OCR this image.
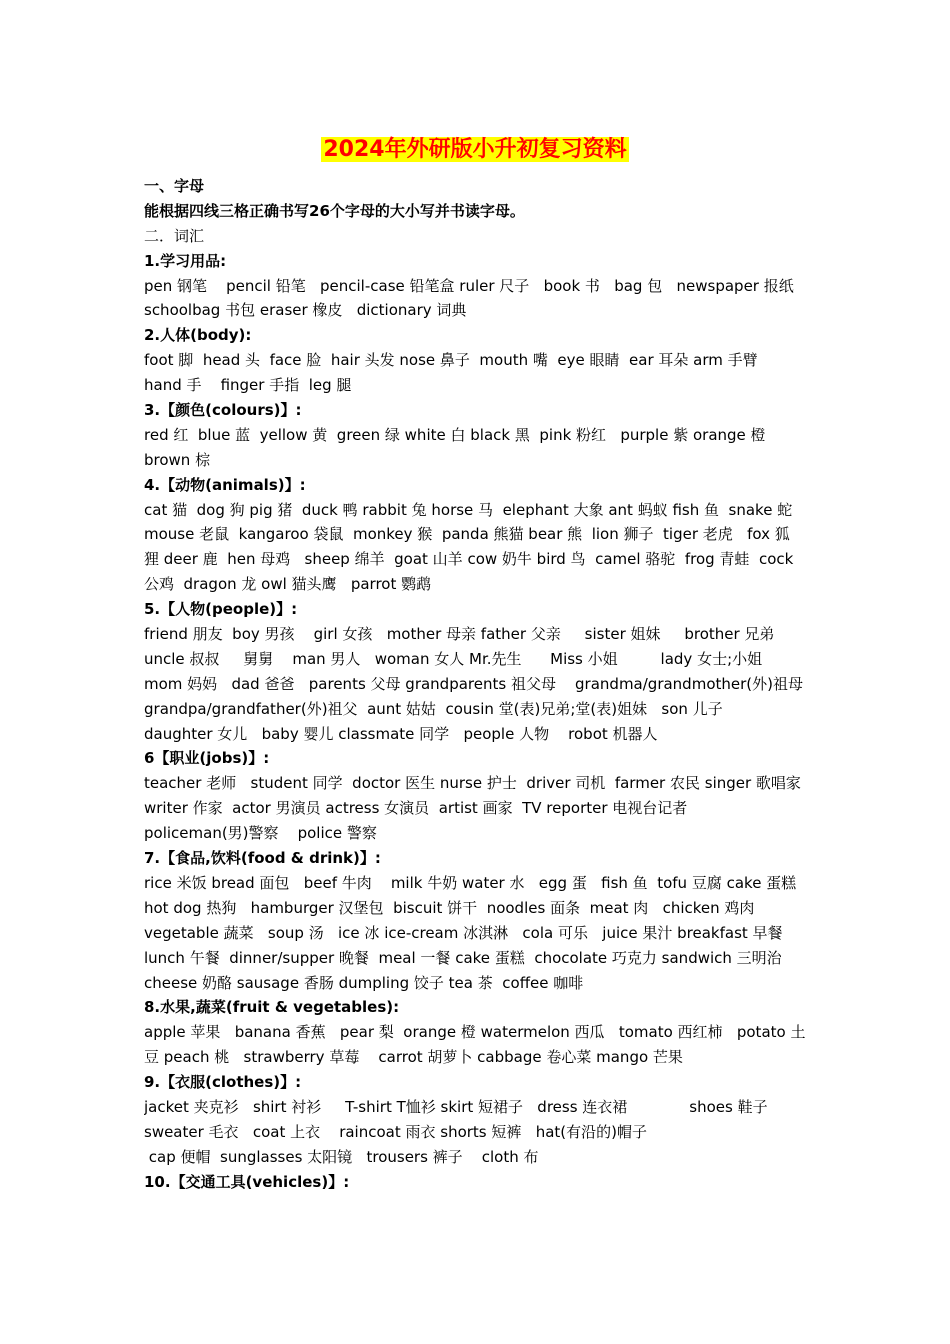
2024年外研版小升初复习资料
一、字母
能根据四线三格正确书写26个字母的大小写并书读字母。
二．词汇
1.学习用品:
pen 钢笔    pencil 铅笔   pencil-case 铅笔盒 ruler 尺子   book 书   bag 包   newspaper 报纸
schoolbag 书包 eraser 橡皮   dictionary 词典
2.人体(body):
foot 脚  head 头  face 脸  hair 头发 nose 鼻子  mouth 嘴  eye 眼睛  ear 耳朵 arm 手臂
hand 手    finger 手指  leg 腿
3.【颜色(colours)】:
red 红  blue 蓝  yellow 黄  green 绿 white 白 black 黑  pink 粉红   purple 紫 orange 橙
brown 棕
4.【动物(animals)】:
cat 猫  dog 狗 pig 猪  duck 鸭 rabbit 兔 horse 马  elephant 大象 ant 蚂蚁 fish 鱼  snake 蛇
mouse 老鼠  kangaroo 袋鼠  monkey 猴  panda 熊猫 bear 熊  lion 狮子  tiger 老虎   fox 狐
狸 deer 鹿  hen 母鸡   sheep 绵羊  goat 山羊 cow 奶牛 bird 鸟  camel 骆驼  frog 青蛙  cock
公鸡  dragon 龙 owl 猫头鹰   parrot 鹦鹉
5.【人物(people)】:
friend 朋友  boy 男孩    girl 女孩   mother 母亲 father 父亲     sister 姐妹     brother 兄弟
uncle 叔叔     舅舅    man 男人   woman 女人 Mr.先生      Miss 小姐         lady 女士;小姐
mom 妈妈   dad 爸爸   parents 父母 grandparents 祖父母    grandma/grandmother(外)祖母
grandpa/grandfather(外)祖父  aunt 姑姑  cousin 堂(表)兄弟;堂(表)姐妹   son 儿子
daughter 女儿   baby 婴儿 classmate 同学   people 人物    robot 机器人
6【职业(jobs)】:
teacher 老师   student 同学  doctor 医生 nurse 护士  driver 司机  farmer 农民 singer 歌唱家
writer 作家  actor 男演员 actress 女演员  artist 画家  TV reporter 电视台记者
policeman(男)警察    police 警察
7.【食品,饮料(food & drink)】:
rice 米饭 bread 面包   beef 牛肉    milk 牛奶 water 水   egg 蛋   fish 鱼  tofu 豆腐 cake 蛋糕
hot dog 热狗   hamburger 汉堡包  biscuit 饼干  noodles 面条  meat 肉   chicken 鸡肉
vegetable 蔬菜   soup 汤   ice 冰 ice-cream 冰淇淋   cola 可乐   juice 果汁 breakfast 早餐
lunch 午餐  dinner/supper 晚餐  meal 一餐 cake 蛋糕  chocolate 巧克力 sandwich 三明治
cheese 奶酪 sausage 香肠 dumpling 饺子 tea 茶  coffee 咖啡
8.水果,蔬菜(fruit & vegetables):
apple 苹果   banana 香蕉   pear 梨  orange 橙 watermelon 西瓜   tomato 西红柿   potato 土
豆 peach 桃   strawberry 草莓    carrot 胡萝卜 cabbage 卷心菜 mango 芒果
9.【衣服(clothes)】:
jacket 夹克衫   shirt 衬衫     T-shirt T恤衫 skirt 短裙子   dress 连衣裙             shoes 鞋子
sweater 毛衣   coat 上衣    raincoat 雨衣 shorts 短裤   hat(有沿的)帽子
cap 便帽  sunglasses 太阳镜   trousers 裤子    cloth 布
10.【交通工具(vehicles)】:
